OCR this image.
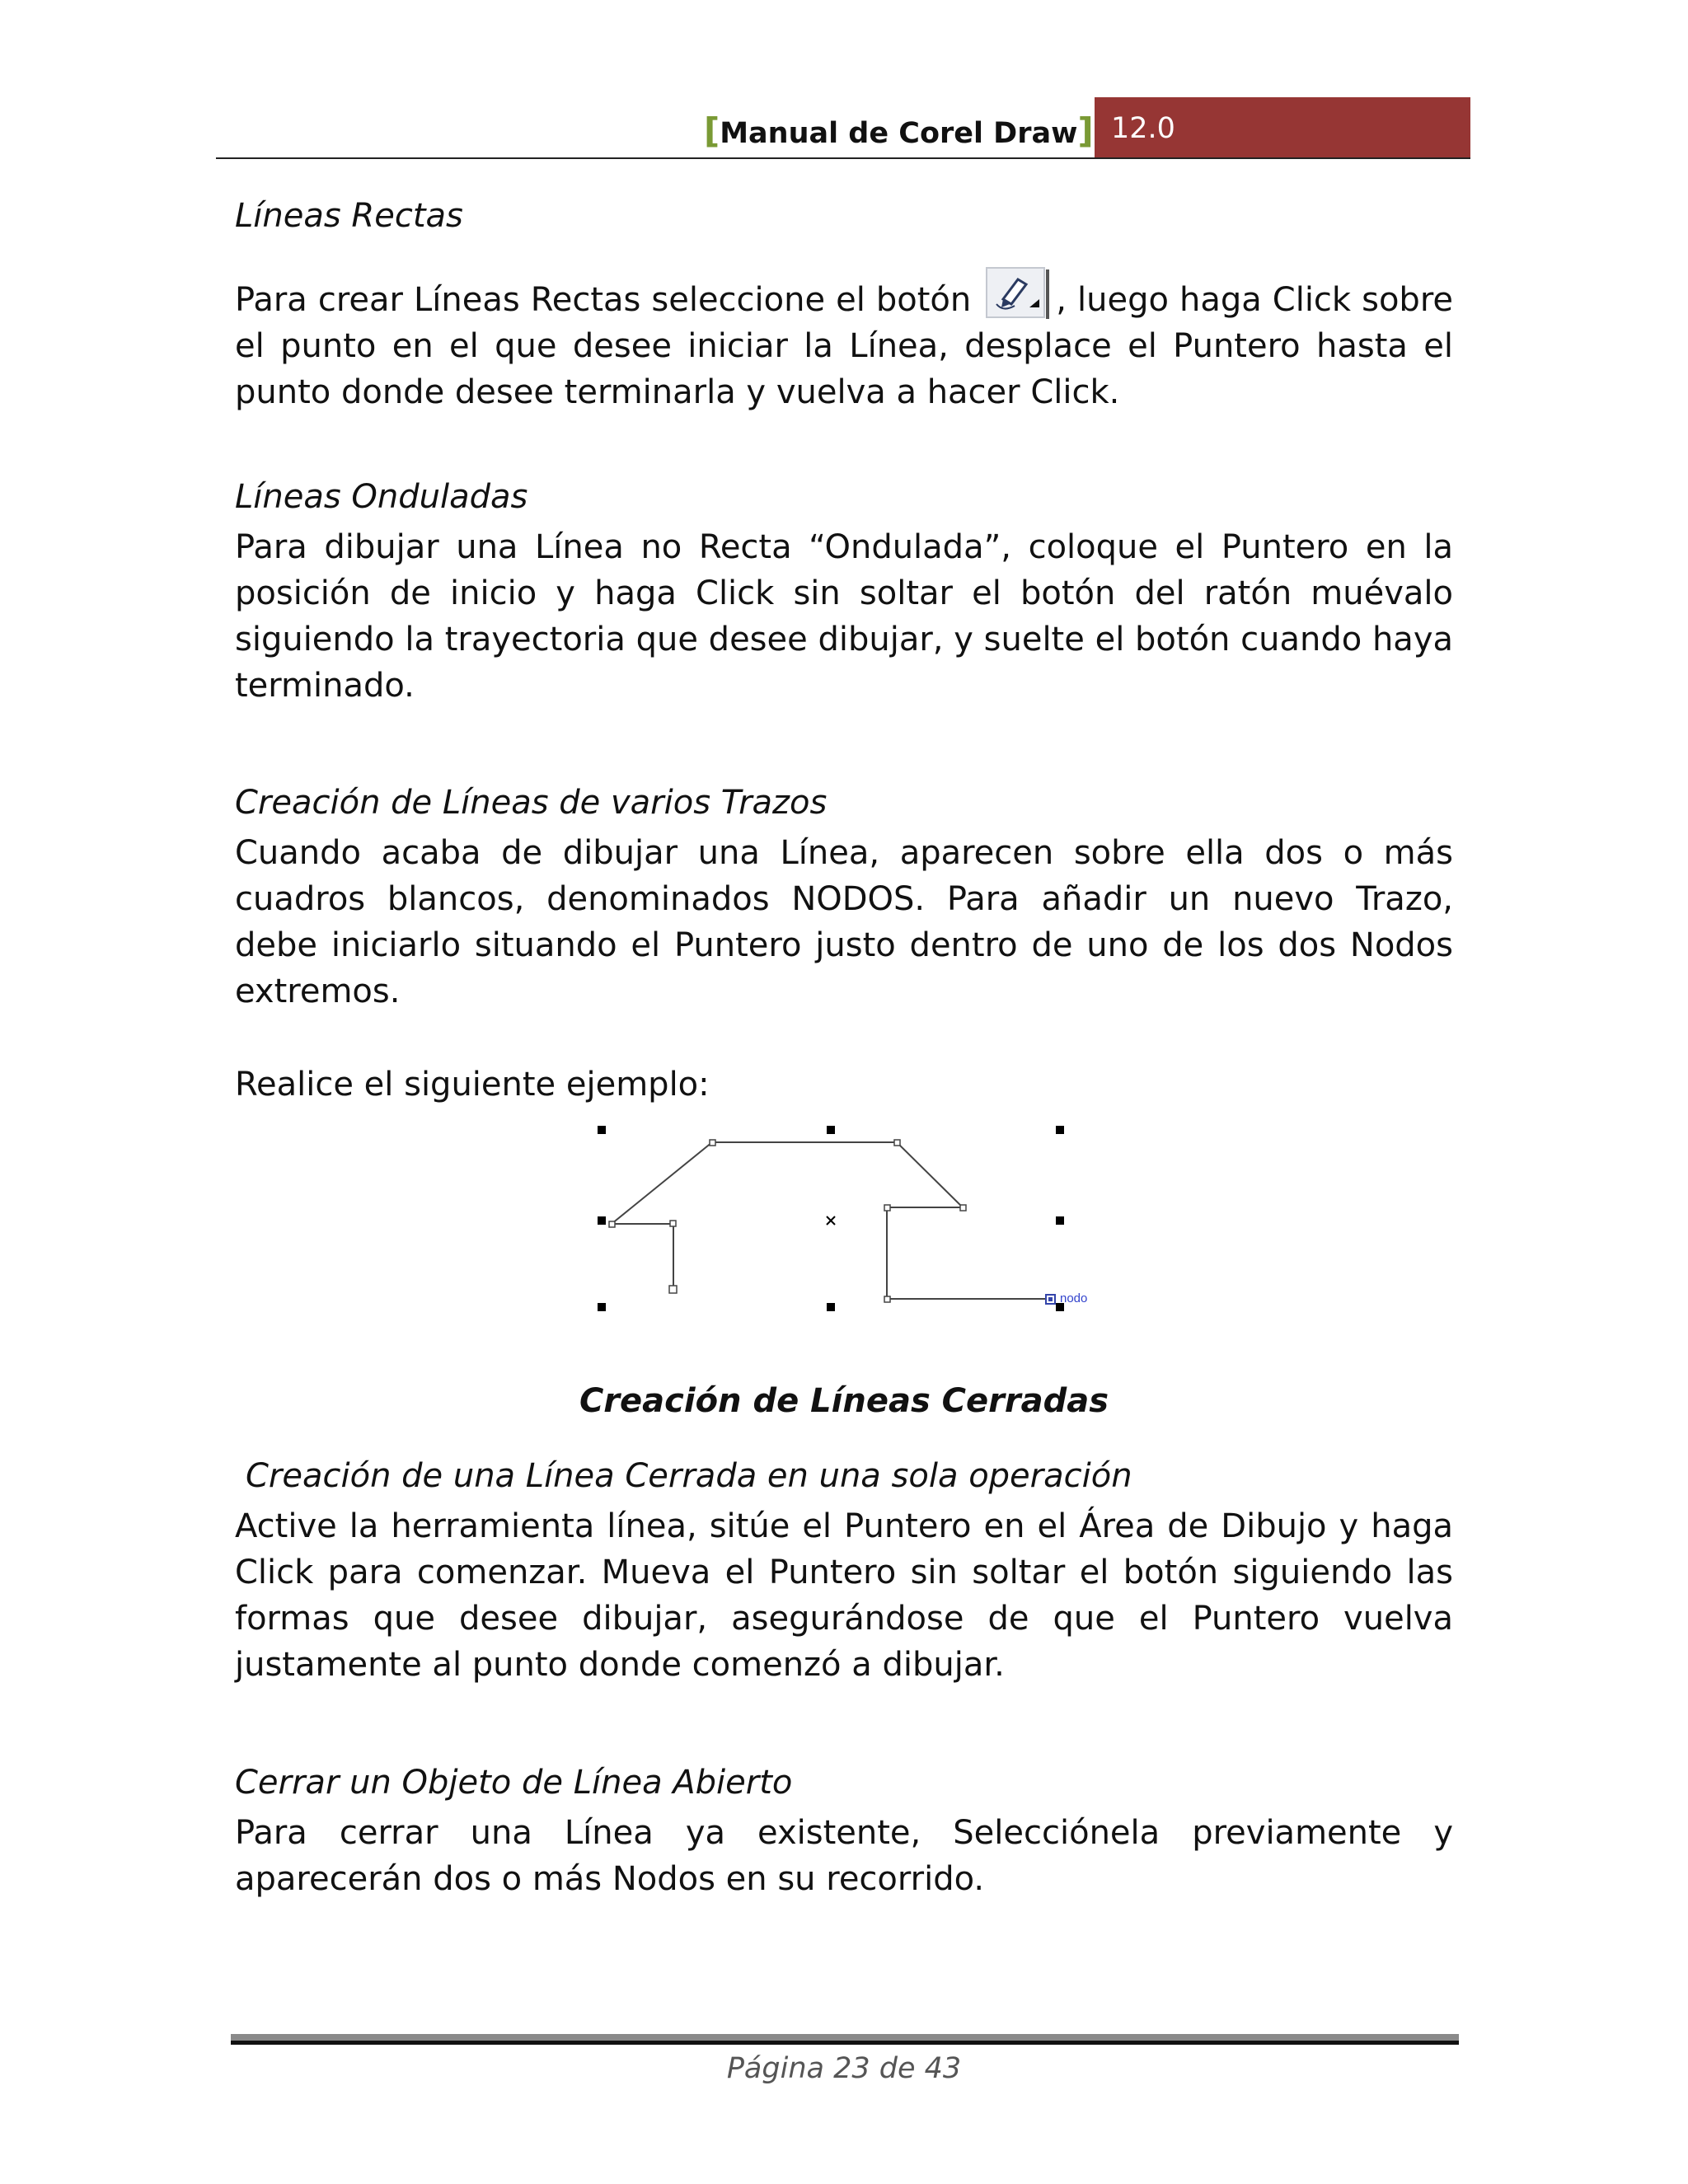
[Manual de Corel Draw] 12.0

Líneas Rectas

Para crear Líneas Rectas seleccione el botón	, luego haga Click sobre el punto en el que desee iniciar la Línea, desplace el Puntero hasta el punto donde desee terminarla y vuelva a hacer Click.

Líneas Onduladas

Para dibujar una Línea no Recta “Ondulada”, coloque el Puntero en la posición de inicio y haga Click sin soltar el botón del ratón muévalo siguiendo la trayectoria que desee dibujar, y suelte el botón cuando haya terminado.

Creación de Líneas de varios Trazos

Cuando acaba de dibujar una Línea, aparecen sobre ella dos o más cuadros blancos, denominados NODOS. Para añadir un nuevo Trazo, debe iniciarlo situando el Puntero justo dentro de uno de los dos Nodos extremos.

Realice el siguiente ejemplo:

nodo

Creación de Líneas Cerradas

Creación de una Línea Cerrada en una sola operación

Active la herramienta línea, sitúe el Puntero en el Área de Dibujo y haga Click para comenzar. Mueva el Puntero sin soltar el botón siguiendo las formas que desee dibujar, asegurándose de que el Puntero vuelva justamente al punto donde comenzó a dibujar.

Cerrar un Objeto de Línea Abierto

Para cerrar una Línea ya existente, Selecciónela previamente y aparecerán dos o más Nodos en su recorrido.

Página 23 de 43
